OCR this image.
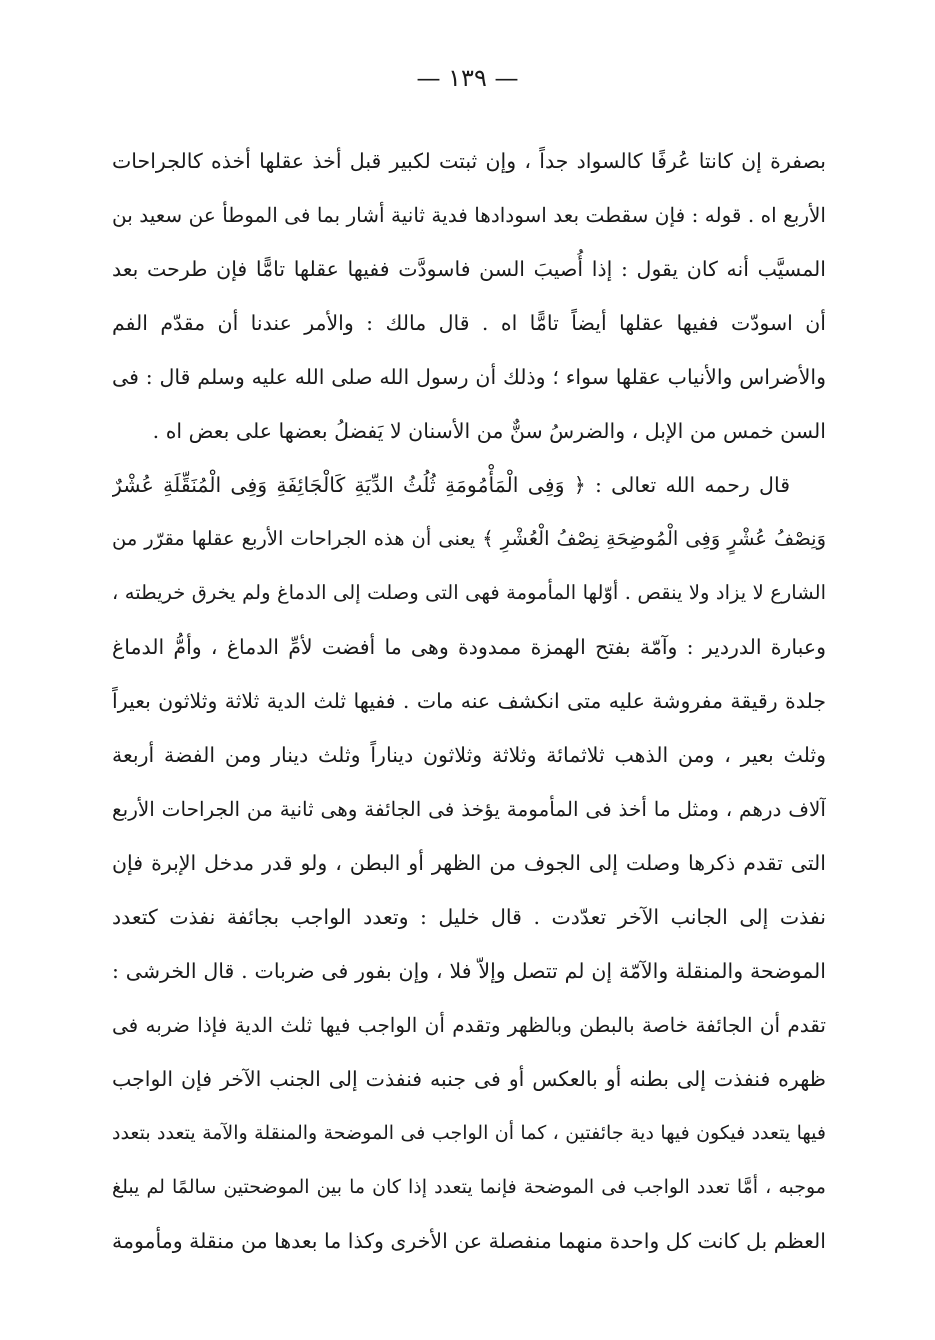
— ١٣٩ —
بصفرة إن كانتا عُرفًا كالسواد جداً ، وإن ثبتت لكبير قبل أخذ عقلها أخذه كالجراحات
الأربع اه . قوله : فإن سقطت بعد اسودادها فدية ثانية أشار بما فى الموطأ عن سعيد بن
المسيَّب أنه كان يقول : إذا أُصيبَ السن فاسودَّت ففيها عقلها تامًّا فإن طرحت بعد
أن اسودّت ففيها عقلها أيضاً تامًّا اه . قال مالك : والأمر عندنا أن مقدّم الفم
والأضراس والأنياب عقلها سواء ؛ وذلك أن رسول الله صلى الله عليه وسلم قال : فى
السن خمس من الإبل ، والضرسُ سنٌّ من الأسنان لا يَفضلُ بعضها على بعض اه .
قال رحمه الله تعالى : ﴿ وَفِى الْمَأْمُومَةِ ثُلُثُ الدِّيَةِ كَالْجَائِفَةِ وَفِى الْمُنَقِّلَةِ عُشْرٌ
وَنِصْفُ عُشْرٍ وَفِى الْمُوضِحَةِ نِصْفُ الْعُشْرِ ﴾ يعنى أن هذه الجراحات الأربع عقلها مقرّر من
الشارع لا يزاد ولا ينقص . أوّلها المأمومة فهى التى وصلت إلى الدماغ ولم يخرق خريطته ،
وعبارة الدردير : وآمّة بفتح الهمزة ممدودة وهى ما أفضت لأمِّ الدماغ ، وأمُّ الدماغ
جلدة رقيقة مفروشة عليه متى انكشف عنه مات . ففيها ثلث الدية ثلاثة وثلاثون بعيراً
وثلث بعير ، ومن الذهب ثلاثمائة وثلاثة وثلاثون ديناراً وثلث دينار ومن الفضة أربعة
آلاف درهم ، ومثل ما أخذ فى المأمومة يؤخذ فى الجائفة وهى ثانية من الجراحات الأربع
التى تقدم ذكرها وصلت إلى الجوف من الظهر أو البطن ، ولو قدر مدخل الإبرة فإن
نفذت إلى الجانب الآخر تعدّدت . قال خليل : وتعدد الواجب بجائفة نفذت كتعدد
الموضحة والمنقلة والآمّة إن لم تتصل وإلاّ فلا ، وإن بفور فى ضربات . قال الخرشى :
تقدم أن الجائفة خاصة بالبطن وبالظهر وتقدم أن الواجب فيها ثلث الدية فإذا ضربه فى
ظهره فنفذت إلى بطنه أو بالعكس أو فى جنبه فنفذت إلى الجنب الآخر فإن الواجب
فيها يتعدد فيكون فيها دية جائفتين ، كما أن الواجب فى الموضحة والمنقلة والآمة يتعدد بتعدد
موجبه ، أمَّا تعدد الواجب فى الموضحة فإنما يتعدد إذا كان ما بين الموضحتين سالمًا لم يبلغ
العظم بل كانت كل واحدة منهما منفصلة عن الأخرى وكذا ما بعدها من منقلة ومأمومة
